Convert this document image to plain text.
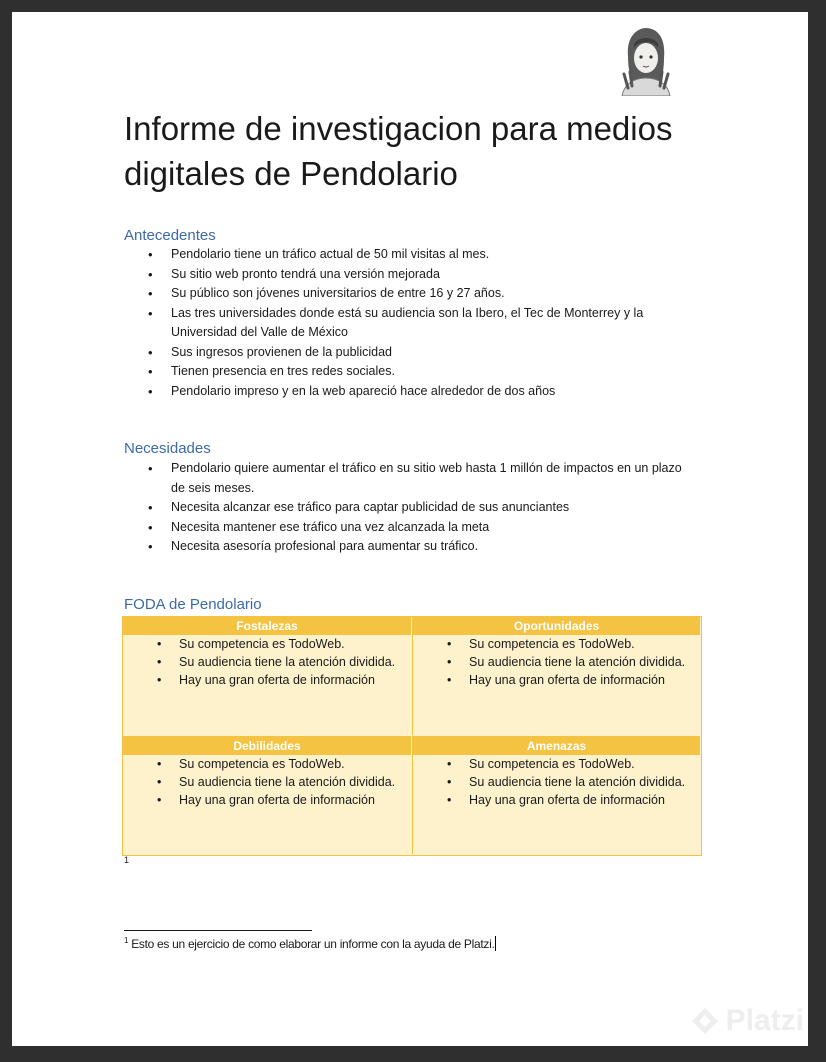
Informe de investigacion para medios digitales de Pendolario
Antecedentes
• Pendolario tiene un tráfico actual de 50 mil visitas al mes.
• Su sitio web pronto tendrá una versión mejorada
• Su público son jóvenes universitarios de entre 16 y 27 años.
• Las tres universidades donde está su audiencia son la Ibero, el Tec de Monterrey y la Universidad del Valle de México
• Sus ingresos provienen de la publicidad
• Tienen presencia en tres redes sociales.
• Pendolario impreso y en la web apareció hace alrededor de dos años
Necesidades
• Pendolario quiere aumentar el tráfico en su sitio web hasta 1 millón de impactos en un plazo de seis meses.
• Necesita alcanzar ese tráfico para captar publicidad de sus anunciantes
• Necesita mantener ese tráfico una vez alcanzada la meta
• Necesita asesoría profesional para aumentar su tráfico.
FODA de Pendolario
Fostalezas
• Su competencia es TodoWeb.
• Su audiencia tiene la atención dividida.
• Hay una gran oferta de información
Oportunidades
• Su competencia es TodoWeb.
• Su audiencia tiene la atención dividida.
• Hay una gran oferta de información
Debilidades
• Su competencia es TodoWeb.
• Su audiencia tiene la atención dividida.
• Hay una gran oferta de información
Amenazas
• Su competencia es TodoWeb.
• Su audiencia tiene la atención dividida.
• Hay una gran oferta de información
1
$^1$ Esto es un ejercicio de como elaborar un informe con la ayuda de Platzi.
Platzi
